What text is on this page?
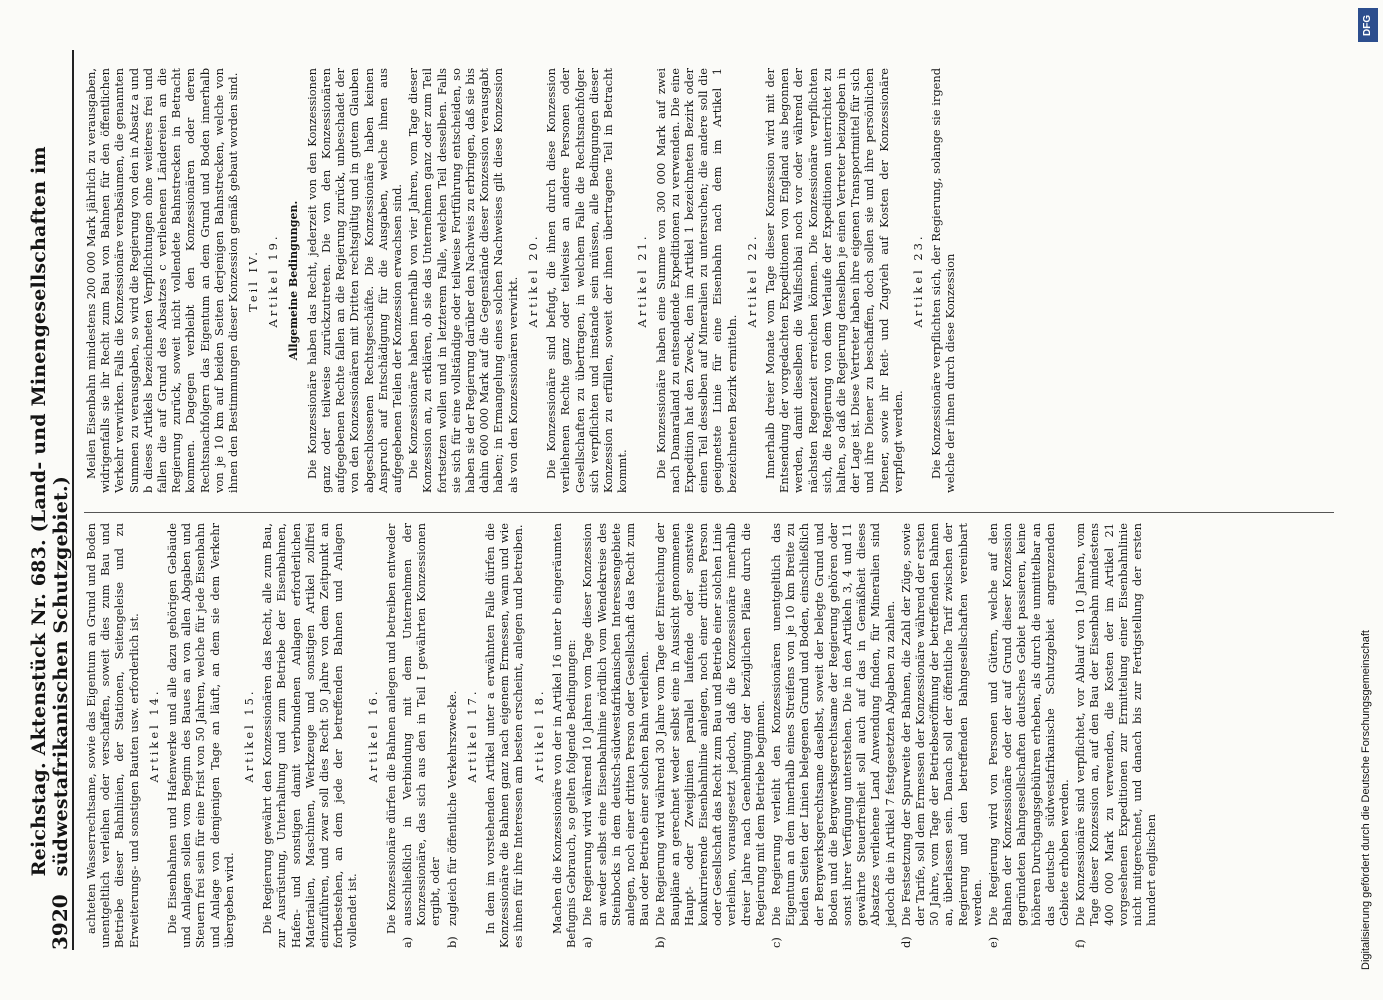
3920
Reichstag. Aktenstück Nr. 683. (Land- und Minengesellschaften im südwestafrikanischen Schutzgebiet.) achteten Wasserrechtsame, sowie das Eigentum an Grund und Boden unentgeltlich verleihen oder verschaffen, soweit dies zum Bau und Betriebe dieser Bahnlinien, der Stationen, Seitengeleise und zu Erweiterungs- und sonstigen Bauten usw. erforderlich ist. Artikel 14. Die Eisenbahnen und Hafenwerke und alle dazu gehörigen Gebäude und Anlagen sollen vom Beginn des Baues an von allen Abgaben und Steuern frei sein für eine Frist von 50 Jahren, welche für jede Eisenbahn und Anlage von demjenigen Tage an läuft, an dem sie dem Verkehr übergeben wird.
Artikel 15. Die Regierung gewährt den Konzessionären das Recht, alle zum Bau, zur Ausrüstung, Unterhaltung und zum Betriebe der Eisenbahnen, Hafen- und sonstigen damit verbundenen Anlagen erforderlichen Materialien, Maschinen, Werkzeuge und sonstigen Artikel zollfrei einzuführen, und zwar soll dies Recht 50 Jahre von dem Zeitpunkt an fortbestehen, an dem jede der betreffenden Bahnen und Anlagen vollendet ist.
Artikel 16. Die Konzessionäre dürfen die Bahnen anlegen und betreiben entweder
a)
ausschließlich in Verbindung mit dem Unternehmen der Konzessionäre, das sich aus den in Teil I gewährten Konzessionen ergibt, oder
b)
zugleich für öffentliche Verkehrszwecke. Artikel 17. In dem im vorstehenden Artikel unter a erwähnten Falle dürfen die Konzessionäre die Bahnen ganz nach eigenem Ermessen, wann und wie es ihnen für ihre Interessen am besten erscheint, anlegen und betreiben. Artikel 18. Machen die Konzessionäre von der in Artikel 16 unter b eingeräumten Befugnis Gebrauch, so gelten folgende Bedingungen: a)
Die Regierung wird während 10 Jahren vom Tage dieser Konzession an weder selbst eine Eisenbahnlinie nördlich vom Wendekreise des Steinbocks in dem deutsch-südwestafrikanischen Interessengebiete anlegen, noch einer dritten Person oder Gesellschaft das Recht zum Bau oder Betrieb einer solchen Bahn verleihen.
b)
Die Regierung wird während 30 Jahre vom Tage der Einreichung der Baupläne an gerechnet weder selbst eine in Aussicht genommenen Haupt- oder Zweiglinien parallel laufende oder sonstwie konkurrierende Eisenbahnlinie anlegen, noch einer dritten Person oder Gesellschaft das Recht zum Bau und Betrieb einer solchen Linie verleihen, vorausgesetzt jedoch, daß die Konzessionäre innerhalb dreier Jahre nach Genehmigung der bezüglichen Pläne durch die Regierung mit dem Betriebe beginnen.
c)
Die Regierung verleiht den Konzessionären unentgeltlich das Eigentum an dem innerhalb eines Streifens von je 10 km Breite zu beiden Seiten der Linien belegenen Grund und Boden, einschließlich der Bergwerksgerechtsame daselbst, soweit der belegte Grund und Boden und die Bergwerksgerechtsame der Regierung gehören oder sonst ihrer Verfügung unterstehen. Die in den Artikeln 3, 4 und 11 gewährte Steuerfreiheit soll auch auf das in Gemäßheit dieses Absatzes verliehene Land Anwendung finden, für Mineralien sind jedoch die in Artikel 7 festgesetzten Abgaben zu zahlen.
d)
Die Festsetzung der Spurweite der Bahnen, die Zahl der Züge, sowie der Tarife, soll dem Ermessen der Konzessionäre während der ersten 50 Jahre, vom Tage der Betriebseröffnung der betreffenden Bahnen an, überlassen sein. Danach soll der öffentliche Tarif zwischen der Regierung und den betreffenden Bahngesellschaften vereinbart werden.
e)
Die Regierung wird von Personen und Gütern, welche auf den Bahnen der Konzessionäre oder der auf Grund dieser Konzession gegründeten Bahngesellschaften deutsches Gebiet passieren, keine höheren Durchgangsgebühren erheben, als durch die unmittelbar an das deutsche südwestafrikanische Schutzgebiet angrenzenden Gebiete erhoben werden.
f)
Die Konzessionäre sind verpflichtet, vor Ablauf von 10 Jahren, vom Tage dieser Konzession an, auf den Bau der Eisenbahn mindestens 400 000 Mark zu verwenden, die Kosten der im Artikel 21 vorgesehenen Expeditionen zur Ermittelung einer Eisenbahnlinie nicht mitgerechnet, und danach bis zur Fertigstellung der ersten hundert englischen
Meilen Eisenbahn mindestens 200 000 Mark jährlich zu verausgaben, widrigenfalls sie ihr Recht zum Bau von Bahnen für den öffentlichen Verkehr verwirken. Falls die Konzessionäre verabsäumen, die genannten Summen zu verausgaben, so wird die Regierung von den in Absatz a und b dieses Artikels bezeichneten Verpflichtungen ohne weiteres frei und fallen die auf Grund des Absatzes c verliehenen Ländereien an die Regierung zurück, soweit nicht vollendete Bahnstrecken in Betracht kommen. Dagegen verbleibt den Konzessionären oder deren Rechtsnachfolgern das Eigentum an dem Grund und Boden innerhalb von je 10 km auf beiden Seiten derjenigen Bahnstrecken, welche von ihnen den Bestimmungen dieser Konzession gemäß gebaut worden sind. Teil IV. Artikel 19. Allgemeine Bedingungen. Die Konzessionäre haben das Recht, jederzeit von den Konzessionen ganz oder teilweise zurückzutreten. Die von den Konzessionären aufgegebenen Rechte fallen an die Regierung zurück, unbeschadet der von den Konzessionären mit Dritten rechtsgültig und in gutem Glauben abgeschlossenen Rechtsgeschäfte. Die Konzessionäre haben keinen Anspruch auf Entschädigung für die Ausgaben, welche ihnen aus aufgegebenen Teilen der Konzession erwachsen sind. Die Konzessionäre haben innerhalb von vier Jahren, vom Tage dieser Konzession an, zu erklären, ob sie das Unternehmen ganz oder zum Teil fortsetzen wollen und in letzterem Falle, welchen Teil desselben. Falls sie sich für eine vollständige oder teilweise Fortführung entscheiden, so haben sie der Regierung darüber den Nachweis zu erbringen, daß sie bis dahin 600 000 Mark auf die Gegenstände dieser Konzession verausgabt haben; in Ermangelung eines solchen Nachweises gilt diese Konzession als von den Konzessionären verwirkt. Artikel 20. Die Konzessionäre sind befugt, die ihnen durch diese Konzession verliehenen Rechte ganz oder teilweise an andere Personen oder Gesellschaften zu übertragen, in welchem Falle die Rechtsnachfolger sich verpflichten und imstande sein müssen, alle Bedingungen dieser Konzession zu erfüllen, soweit der ihnen übertragene Teil in Betracht kommt.
Artikel 21. Die Konzessionäre haben eine Summe von 300 000 Mark auf zwei nach Damaraland zu entsendende Expeditionen zu verwenden. Die eine Expedition hat den Zweck, den im Artikel 1 bezeichneten Bezirk oder einen Teil desselben auf Mineralien zu untersuchen; die andere soll die geeignetste Linie für eine Eisenbahn nach dem im Artikel 1 bezeichneten Bezirk ermitteln.
Artikel 22. Innerhalb dreier Monate vom Tage dieser Konzession wird mit der Entsendung der vorgedachten Expeditionen von England aus begonnen werden, damit dieselben die Walfischbai noch vor oder während der nächsten Regenzeit erreichen können. Die Konzessionäre verpflichten sich, die Regierung von dem Verlaufe der Expeditionen unterrichtet zu halten, so daß die Regierung denselben je einen Vertreter beizugeben in der Lage ist. Diese Vertreter haben ihre eigenen Transportmittel für sich und ihre Diener zu beschaffen, doch sollen sie und ihre persönlichen Diener, sowie ihr Reit- und Zugvieh auf Kosten der Konzessionäre verpflegt werden.
Artikel 23. Die Konzessionäre verpflichten sich, der Regierung, solange sie irgend welche der ihnen durch diese Konzession
Digitalisierung gefördert durch die Deutsche Forschungsgemeinschaft
DFG
